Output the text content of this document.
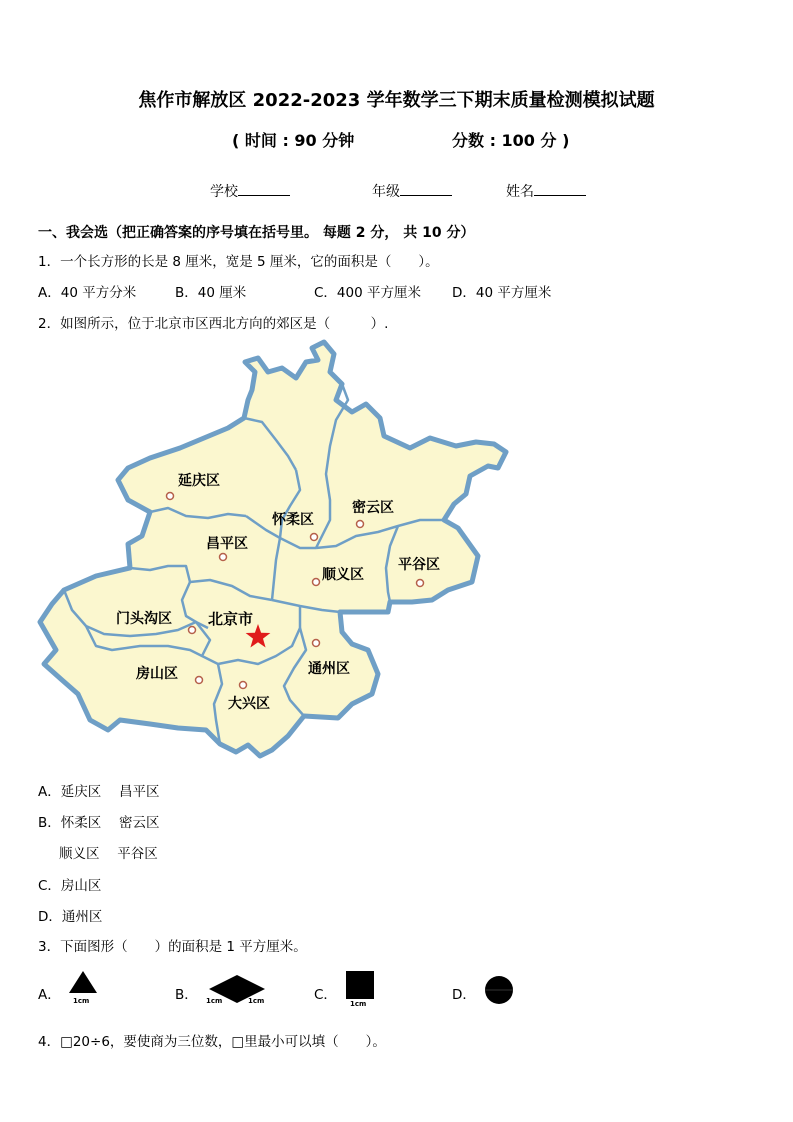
焦作市解放区 2022-2023 学年数学三下期末质量检测模拟试题
( 时间 : 90 分钟	分数 : 100 分 )
学校	年级	姓名
一、我会选（把正确答案的序号填在括号里。 每题 2 分， 共 10 分）
1．一个长方形的长是 8 厘米，宽是 5 厘米，它的面积是（　　）。
A．40 平方分米	B．40 厘米	C．400 平方厘米 D．40 平方厘米
2．如图所示，位于北京市区西北方向的郊区是（　　　）.
延庆区
怀柔区
密云区
昌平区
顺义区
平谷区
门头沟区 北京市
通州区
房山区
大兴区
A．延庆区　 昌平区
B．怀柔区　 密云区
顺义区　 平谷区
C．房山区
D．通州区
3．下面图形（　　）的面积是 1 平方厘米。
A． 1cm	B． 1cm	1cm	C．
1cm
D．
4．□20÷6，要使商为三位数，□里最小可以填（　　）。
